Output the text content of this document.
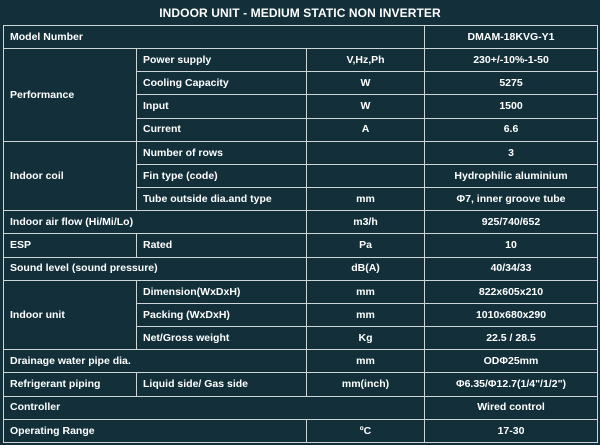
INDOOR UNIT - MEDIUM STATIC NON INVERTER
Model Number			DMAM-18KVG-Y1
Performance	Power supply	V,Hz,Ph	230+/-10%-1-50
	Cooling Capacity	W	5275
	Input	W	1500
	Current	A	6.6
Indoor coil	Number of rows		3
	Fin type (code)		Hydrophilic aluminium
	Tube outside dia.and type	mm	Φ7, inner groove tube
Indoor air flow (Hi/Mi/Lo)		m3/h	925/740/652
ESP	Rated	Pa	10
Sound level (sound pressure)		dB(A)	40/34/33
Indoor unit	Dimension(WxDxH)	mm	822x605x210
	Packing (WxDxH)	mm	1010x680x290
	Net/Gross weight	Kg	22.5 / 28.5
Drainage water pipe dia.		mm	ODΦ25mm
Refrigerant piping	Liquid side/ Gas side	mm(inch)	Φ6.35/Φ12.7(1/4"/1/2")
Controller			Wired control
Operating Range		ºC	17-30
